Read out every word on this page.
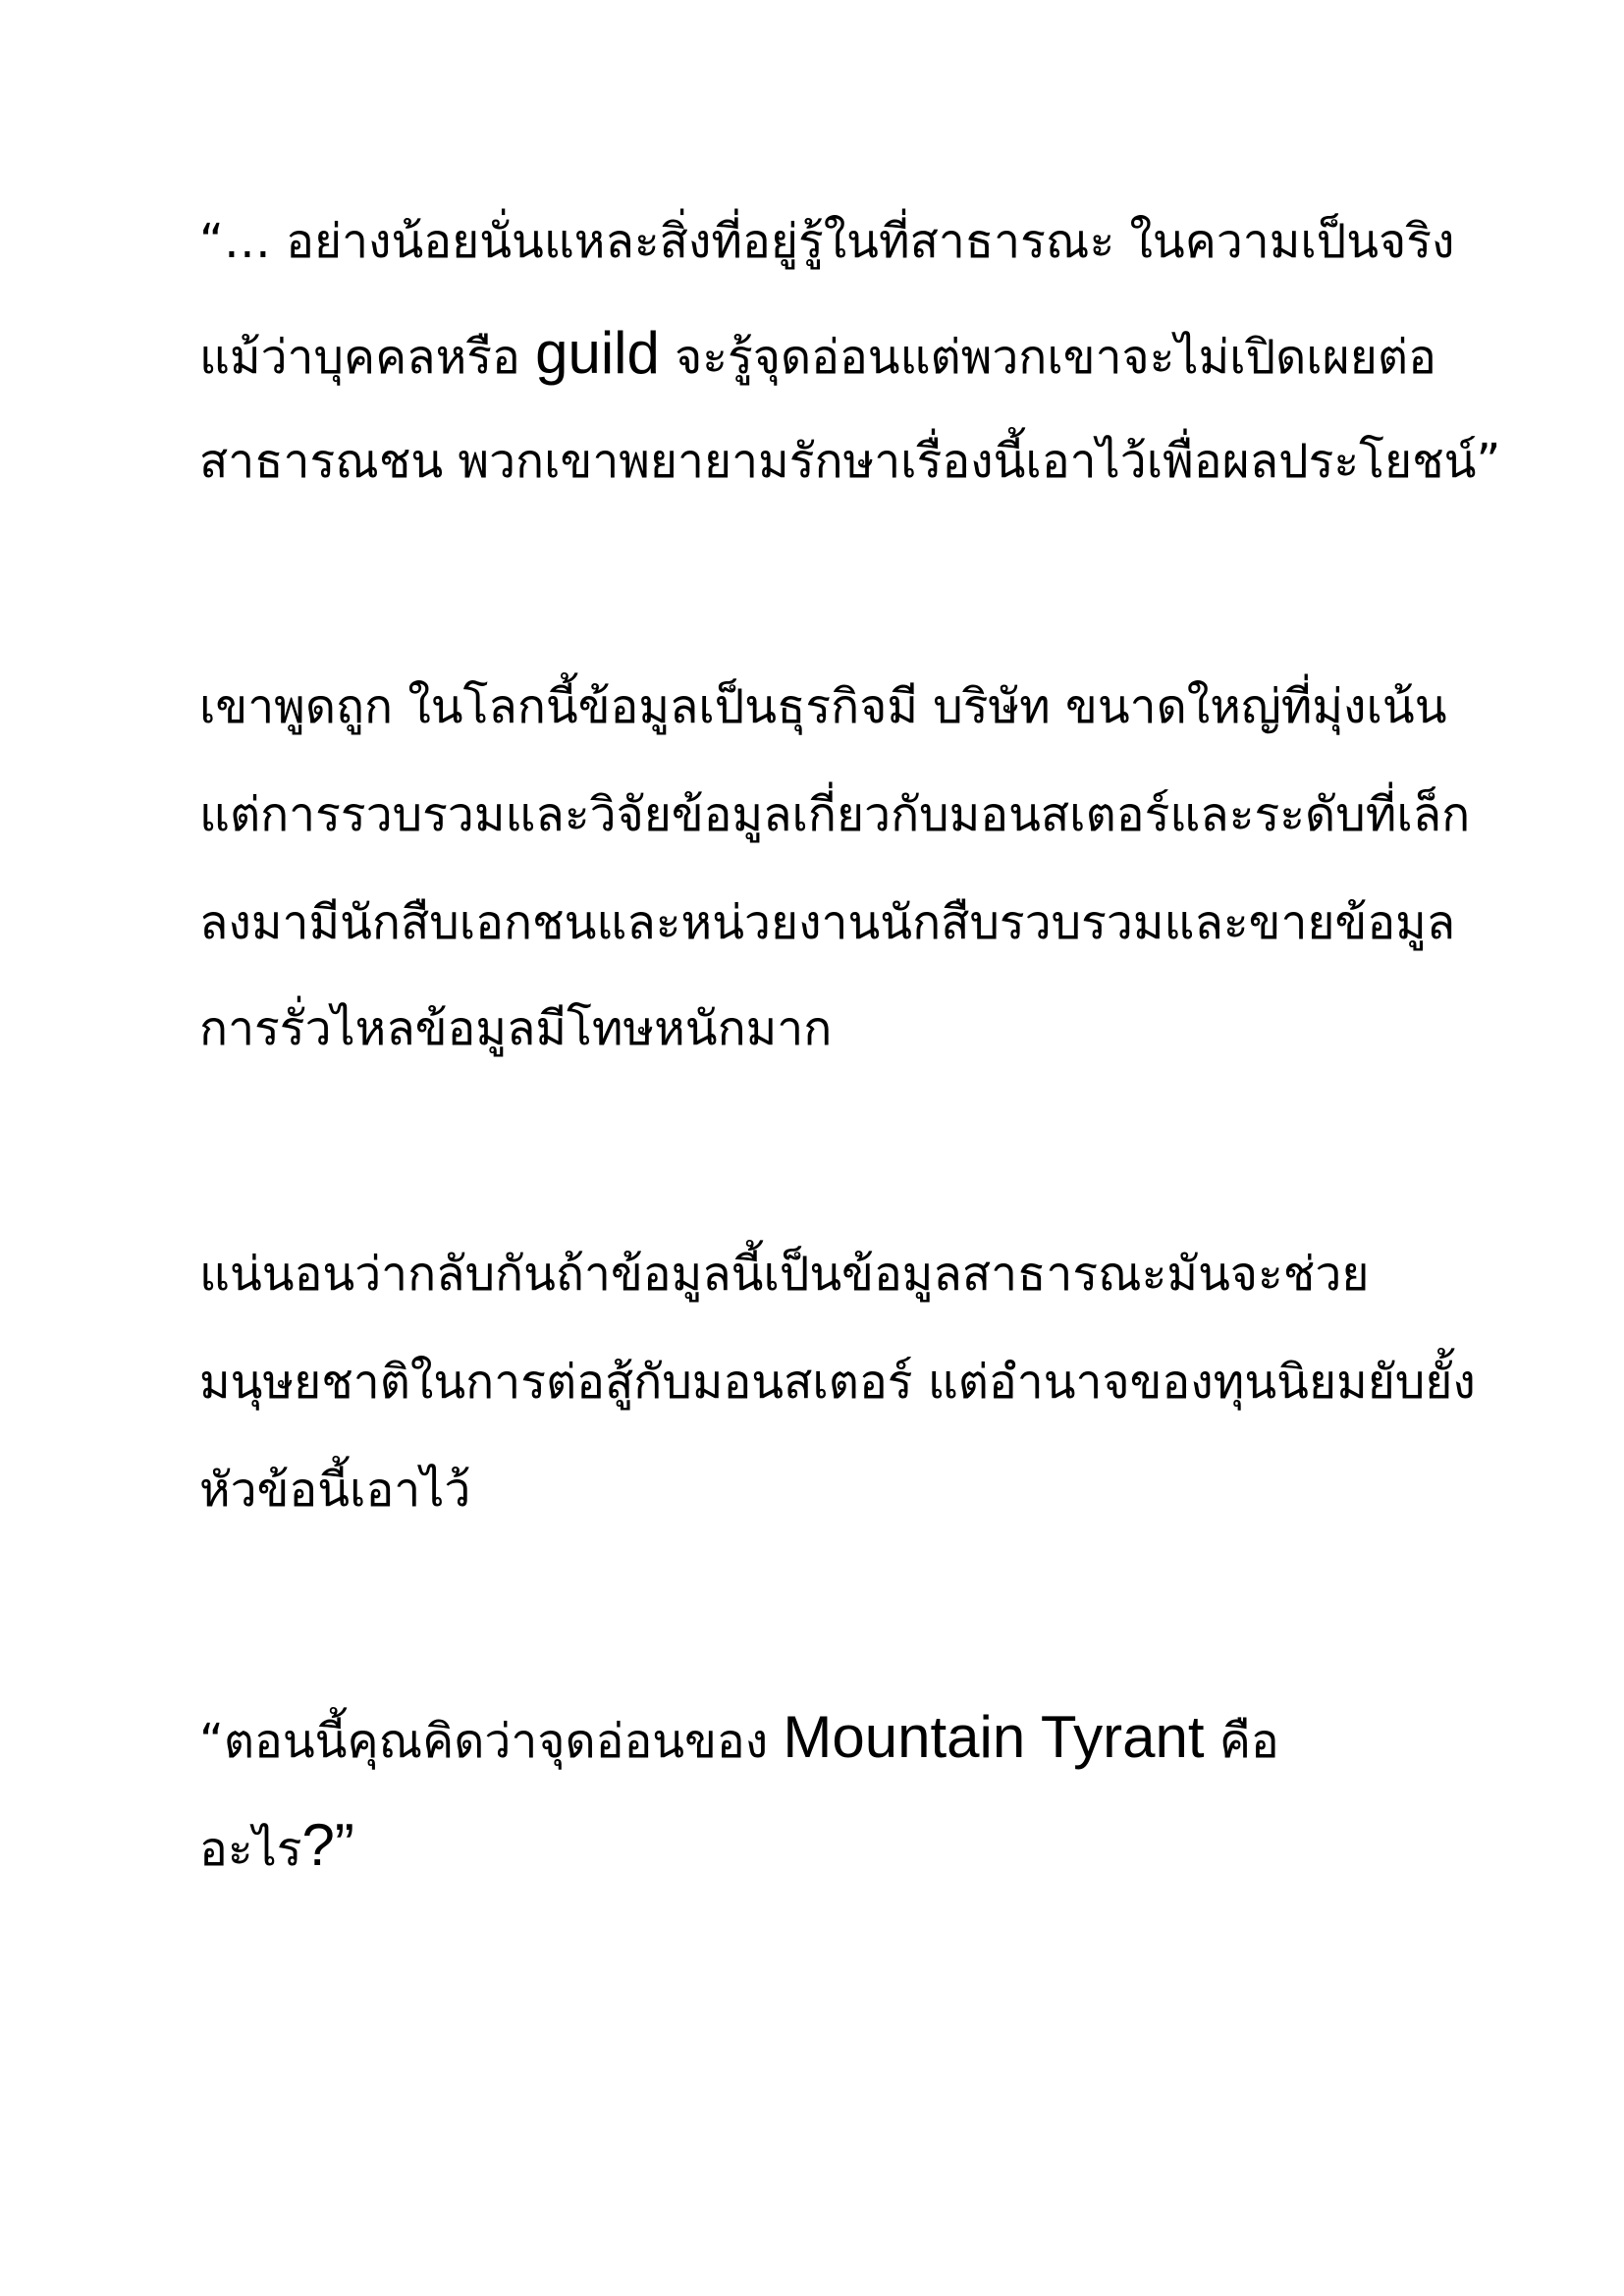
“… อย่างน้อยนั่นแหละสิ่งที่อยู่รู้ในที่สาธารณะ ในความเป็นจริง
แม้ว่าบุคคลหรือ guild จะรู้จุดอ่อนแต่พวกเขาจะไม่เปิดเผยต่อ
สาธารณชน พวกเขาพยายามรักษาเรื่องนี้เอาไว้เพื่อผลประโยชน์”
เขาพูดถูก ในโลกนี้ข้อมูลเป็นธุรกิจมี บริษัท ขนาดใหญ่ที่มุ่งเน้น
แต่การรวบรวมและวิจัยข้อมูลเกี่ยวกับมอนสเตอร์และระดับที่เล็ก
ลงมามีนักสืบเอกชนและหน่วยงานนักสืบรวบรวมและขายข้อมูล
การรั่วไหลข้อมูลมีโทษหนักมาก
แน่นอนว่ากลับกันถ้าข้อมูลนี้เป็นข้อมูลสาธารณะมันจะช่วย
มนุษยชาติในการต่อสู้กับมอนสเตอร์ แต่อำนาจของทุนนิยมยับยั้ง
หัวข้อนี้เอาไว้
“ตอนนี้คุณคิดว่าจุดอ่อนของ Mountain Tyrant คือ
อะไร?”
